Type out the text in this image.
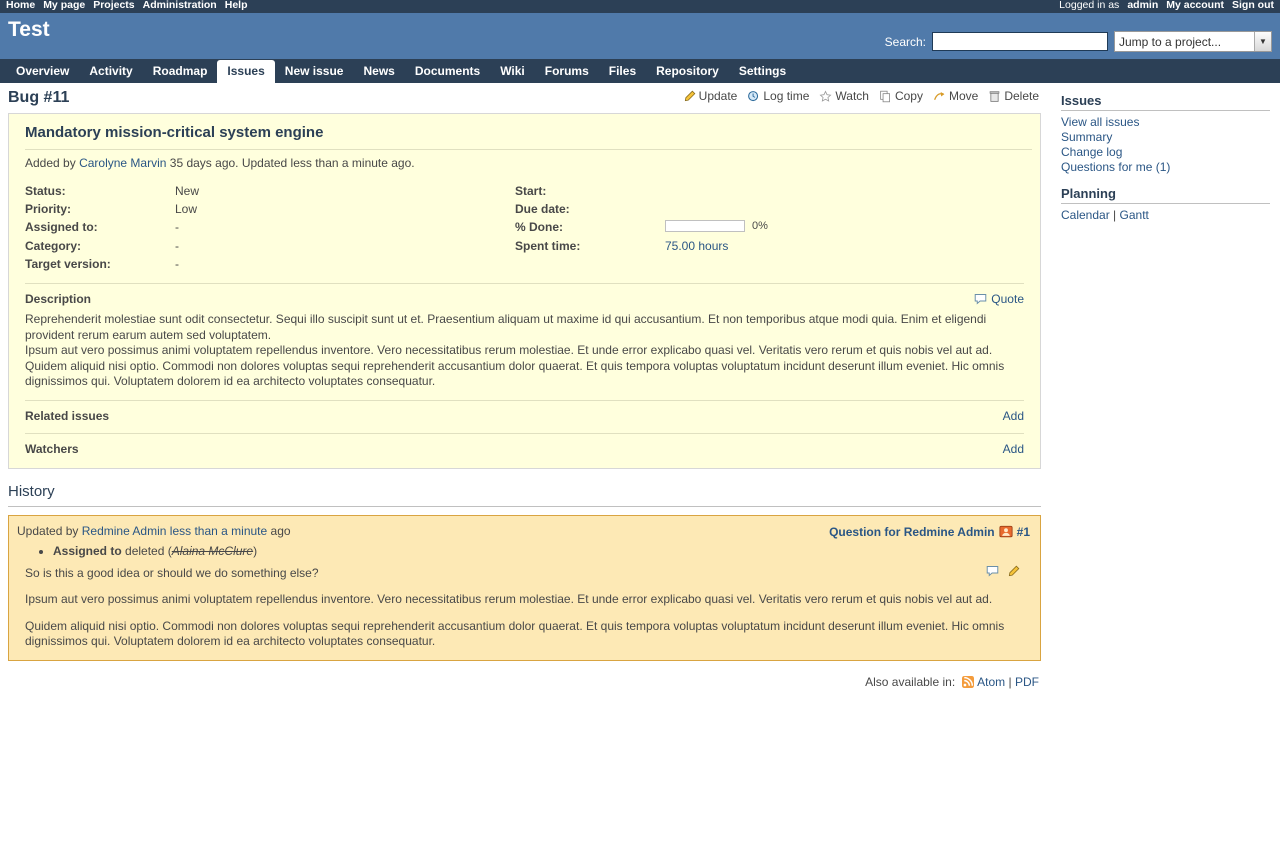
Home My page Projects Administration Help	Logged in as admin My account Sign out
Test
Search:	Jump to a project...	▼
Overview	Activity	Roadmap	Issues	New issue	News	Documents	Wiki	Forums	Files	Repository	Settings
Bug #11	Update Log time Watch Copy Move Delete
Mandatory mission-critical system engine
Added by Carolyne Marvin 35 days ago. Updated less than a minute ago.
Status:	New	Start:	
Priority:	Low	Due date:	
Assigned to:	-	% Done:	0%

Category:	-	Spent time:	75.00 hours
Target version:	-		
Description	Quote

Reprehenderit molestiae sunt odit consectetur. Sequi illo suscipit sunt ut et. Praesentium aliquam ut maxime id qui accusantium. Et non temporibus atque modi quia. Enim et eligendi provident rerum earum autem sed voluptatem.

Ipsum aut vero possimus animi voluptatem repellendus inventore. Vero necessitatibus rerum molestiae. Et unde error explicabo quasi vel. Veritatis vero rerum et quis nobis vel aut ad.

Quidem aliquid nisi optio. Commodi non dolores voluptas sequi reprehenderit accusantium dolor quaerat. Et quis tempora voluptas voluptatum incidunt deserunt illum eveniet. Hic omnis dignissimos qui. Voluptatem dolorem id ea architecto voluptates consequatur.

Related issues	Add
Watchers	Add
History
Updated by Redmine Admin less than a minute ago	Question for Redmine Admin #1
• Assigned to deleted (Alaina McClure)

So is this a good idea or should we do something else?

Ipsum aut vero possimus animi voluptatem repellendus inventore. Vero necessitatibus rerum molestiae. Et unde error explicabo quasi vel. Veritatis vero rerum et quis nobis vel aut ad.

Quidem aliquid nisi optio. Commodi non dolores voluptas sequi reprehenderit accusantium dolor quaerat. Et quis tempora voluptas voluptatum incidunt deserunt illum eveniet. Hic omnis dignissimos qui. Voluptatem dolorem id ea architecto voluptates consequatur.

Also available in: Atom | PDF
Issues
View all issues
Summary
Change log
Questions for me (1)
Planning
Calendar | Gantt
